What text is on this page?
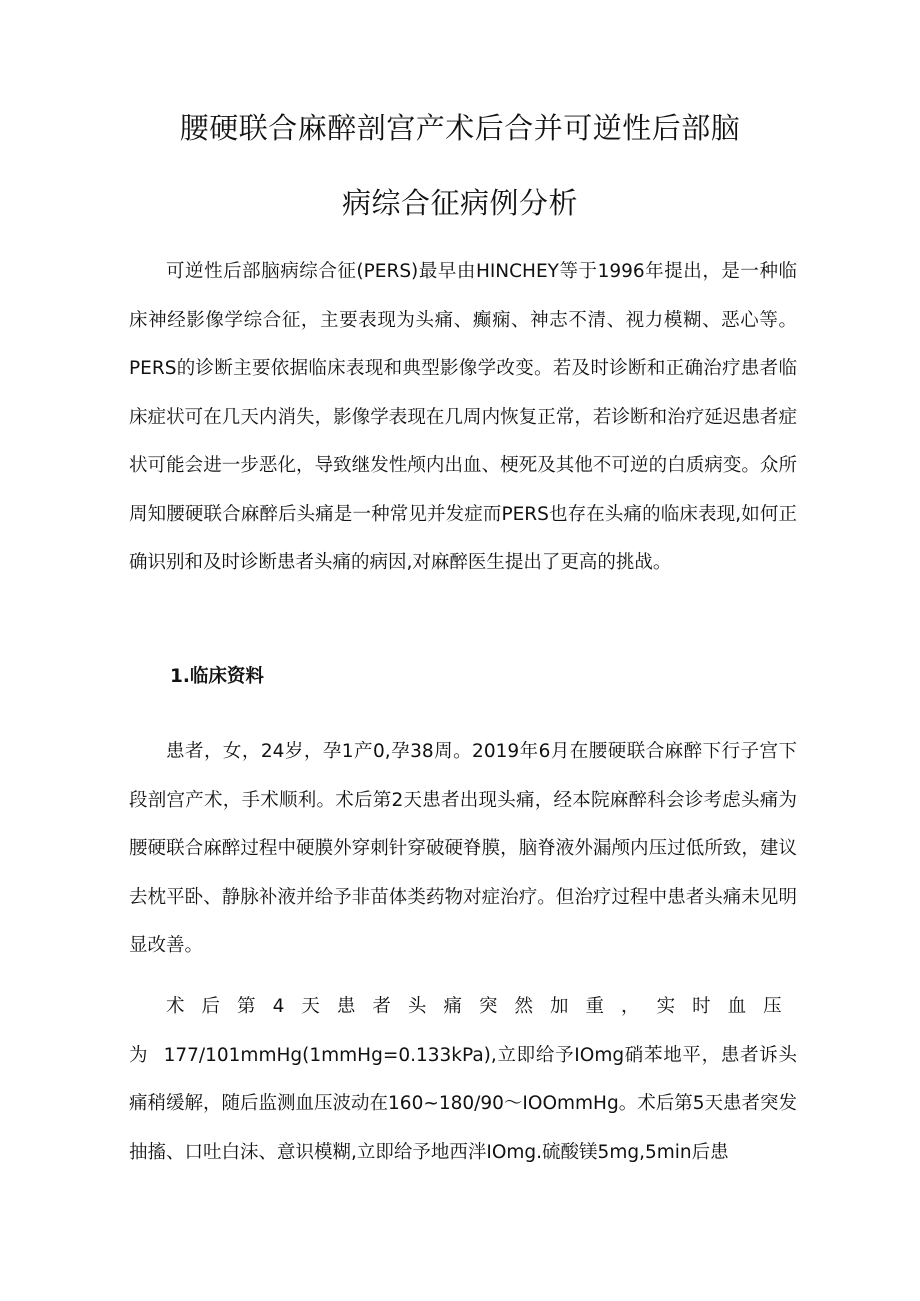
腰硬联合麻醉剖宫产术后合并可逆性后部脑
病综合征病例分析

可逆性后部脑病综合征(PERS)最早由HINCHEY等于1996年提出，是一种临床神经影像学综合征，主要表现为头痛、癫痫、神志不清、视力模糊、恶心等。PERS的诊断主要依据临床表现和典型影像学改变。若及时诊断和正确治疗患者临床症状可在几天内消失，影像学表现在几周内恢复正常，若诊断和治疗延迟患者症状可能会进一步恶化，导致继发性颅内出血、梗死及其他不可逆的白质病变。众所周知腰硬联合麻醉后头痛是一种常见并发症而PERS也存在头痛的临床表现,如何正确识别和及时诊断患者头痛的病因,对麻醉医生提出了更高的挑战。

1.临床资料

患者，女，24岁，孕1产0,孕38周。2019年6月在腰硬联合麻醉下行子宫下段剖宫产术，手术顺利。术后第2天患者出现头痛，经本院麻醉科会诊考虑头痛为腰硬联合麻醉过程中硬膜外穿刺针穿破硬脊膜，脑脊液外漏颅内压过低所致，建议去枕平卧、静脉补液并给予非苗体类药物对症治疗。但治疗过程中患者头痛未见明显改善。

术后第4天患者头痛突然加重，实时血压为177/101mmHg(1mmHg=0.133kPa),立即给予IOmg硝苯地平，患者诉头痛稍缓解，随后监测血压波动在160~180/90～IOOmmHg。术后第5天患者突发抽搐、口吐白沫、意识模糊,立即给予地西泮IOmg.硫酸镁5mg,5min后患
